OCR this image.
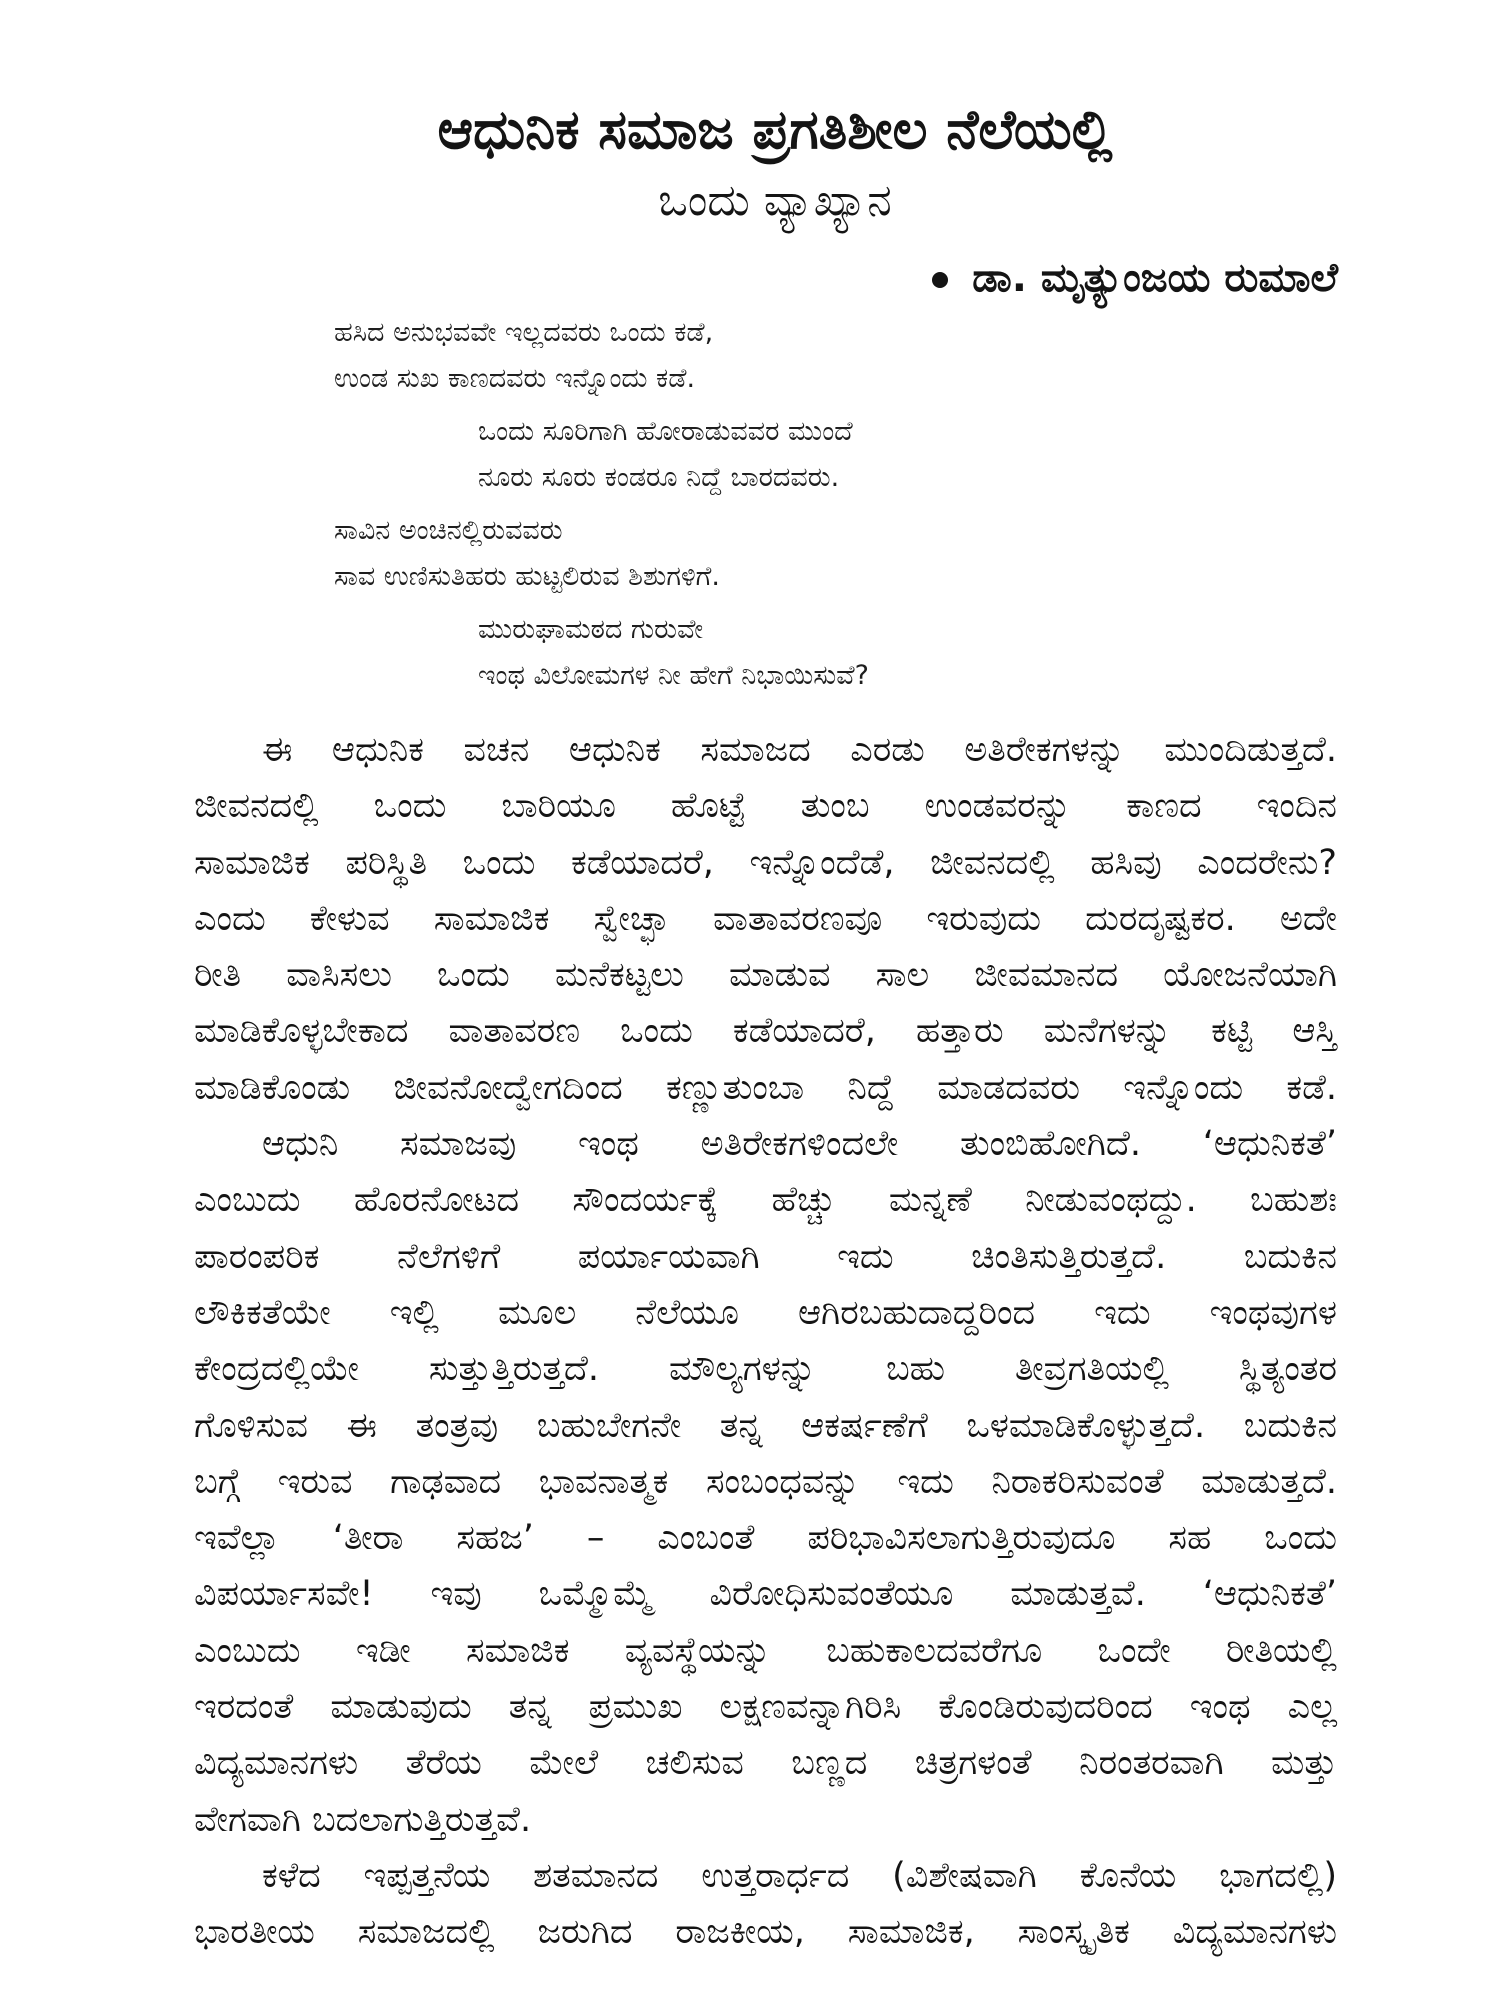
ಆಧುನಿಕ ಸಮಾಜ ಪ್ರಗತಿಶೀಲ ನೆಲೆಯಲ್ಲಿ
ಒಂದು ವ್ಯಾಖ್ಯಾನ
ಡಾ. ಮೃತ್ಯುಂಜಯ ರುಮಾಲೆ
ಹಸಿದ ಅನುಭವವೇ ಇಲ್ಲದವರು ಒಂದು ಕಡೆ,
ಉಂಡ ಸುಖ ಕಾಣದವರು ಇನ್ನೊಂದು ಕಡೆ.
ಒಂದು ಸೂರಿಗಾಗಿ ಹೋರಾಡುವವರ ಮುಂದೆ
ನೂರು ಸೂರು ಕಂಡರೂ ನಿದ್ದೆ ಬಾರದವರು.
ಸಾವಿನ ಅಂಚಿನಲ್ಲಿರುವವರು
ಸಾವ ಉಣಿಸುತಿಹರು ಹುಟ್ಟಲಿರುವ ಶಿಶುಗಳಿಗೆ.
ಮುರುಘಾಮಠದ ಗುರುವೇ
ಇಂಥ ವಿಲೋಮಗಳ ನೀ ಹೇಗೆ ನಿಭಾಯಿಸುವೆ?
ಈ ಆಧುನಿಕ ವಚನ ಆಧುನಿಕ ಸಮಾಜದ ಎರಡು ಅತಿರೇಕಗಳನ್ನು ಮುಂದಿಡುತ್ತದೆ.
ಜೀವನದಲ್ಲಿ ಒಂದು ಬಾರಿಯೂ ಹೊಟ್ಟೆ ತುಂಬ ಉಂಡವರನ್ನು ಕಾಣದ ಇಂದಿನ
ಸಾಮಾಜಿಕ ಪರಿಸ್ಥಿತಿ ಒಂದು ಕಡೆಯಾದರೆ, ಇನ್ನೊಂದೆಡೆ, ಜೀವನದಲ್ಲಿ ಹಸಿವು ಎಂದರೇನು?
ಎಂದು ಕೇಳುವ ಸಾಮಾಜಿಕ ಸ್ವೇಚ್ಛಾ ವಾತಾವರಣವೂ ಇರುವುದು ದುರದೃಷ್ಟಕರ. ಅದೇ
ರೀತಿ ವಾಸಿಸಲು ಒಂದು ಮನೆಕಟ್ಟಲು ಮಾಡುವ ಸಾಲ ಜೀವಮಾನದ ಯೋಜನೆಯಾಗಿ
ಮಾಡಿಕೊಳ್ಳಬೇಕಾದ ವಾತಾವರಣ ಒಂದು ಕಡೆಯಾದರೆ, ಹತ್ತಾರು ಮನೆಗಳನ್ನು ಕಟ್ಟಿ ಆಸ್ತಿ
ಮಾಡಿಕೊಂಡು ಜೀವನೋದ್ವೇಗದಿಂದ ಕಣ್ಣುತುಂಬಾ ನಿದ್ದೆ ಮಾಡದವರು ಇನ್ನೊಂದು ಕಡೆ.
ಆಧುನಿ ಸಮಾಜವು ಇಂಥ ಅತಿರೇಕಗಳಿಂದಲೇ ತುಂಬಿಹೋಗಿದೆ. ‘ಆಧುನಿಕತೆ’
ಎಂಬುದು ಹೊರನೋಟದ ಸೌಂದರ್ಯಕ್ಕೆ ಹೆಚ್ಚು ಮನ್ನಣೆ ನೀಡುವಂಥದ್ದು. ಬಹುಶಃ
ಪಾರಂಪರಿಕ ನೆಲೆಗಳಿಗೆ ಪರ್ಯಾಯವಾಗಿ ಇದು ಚಿಂತಿಸುತ್ತಿರುತ್ತದೆ. ಬದುಕಿನ
ಲೌಕಿಕತೆಯೇ ಇಲ್ಲಿ ಮೂಲ ನೆಲೆಯೂ ಆಗಿರಬಹುದಾದ್ದರಿಂದ ಇದು ಇಂಥವುಗಳ
ಕೇಂದ್ರದಲ್ಲಿಯೇ ಸುತ್ತುತ್ತಿರುತ್ತದೆ. ಮೌಲ್ಯಗಳನ್ನು ಬಹು ತೀವ್ರಗತಿಯಲ್ಲಿ ಸ್ಥಿತ್ಯಂತರ
ಗೊಳಿಸುವ ಈ ತಂತ್ರವು ಬಹುಬೇಗನೇ ತನ್ನ ಆಕರ್ಷಣೆಗೆ ಒಳಮಾಡಿಕೊಳ್ಳುತ್ತದೆ. ಬದುಕಿನ
ಬಗ್ಗೆ ಇರುವ ಗಾಢವಾದ ಭಾವನಾತ್ಮಕ ಸಂಬಂಧವನ್ನು ಇದು ನಿರಾಕರಿಸುವಂತೆ ಮಾಡುತ್ತದೆ.
ಇವೆಲ್ಲಾ ‘ತೀರಾ ಸಹಜ’ – ಎಂಬಂತೆ ಪರಿಭಾವಿಸಲಾಗುತ್ತಿರುವುದೂ ಸಹ ಒಂದು
ವಿಪರ್ಯಾಸವೇ! ಇವು ಒಮ್ಮೊಮ್ಮೆ ವಿರೋಧಿಸುವಂತೆಯೂ ಮಾಡುತ್ತವೆ. ‘ಆಧುನಿಕತೆ’
ಎಂಬುದು ಇಡೀ ಸಮಾಜಿಕ ವ್ಯವಸ್ಥೆಯನ್ನು ಬಹುಕಾಲದವರೆಗೂ ಒಂದೇ ರೀತಿಯಲ್ಲಿ
ಇರದಂತೆ ಮಾಡುವುದು ತನ್ನ ಪ್ರಮುಖ ಲಕ್ಷಣವನ್ನಾಗಿರಿಸಿ ಕೊಂಡಿರುವುದರಿಂದ ಇಂಥ ಎಲ್ಲ
ವಿದ್ಯಮಾನಗಳು ತೆರೆಯ ಮೇಲೆ ಚಲಿಸುವ ಬಣ್ಣದ ಚಿತ್ರಗಳಂತೆ ನಿರಂತರವಾಗಿ ಮತ್ತು
ವೇಗವಾಗಿ ಬದಲಾಗುತ್ತಿರುತ್ತವೆ.
ಕಳೆದ ಇಪ್ಪತ್ತನೆಯ ಶತಮಾನದ ಉತ್ತರಾರ್ಧದ (ವಿಶೇಷವಾಗಿ ಕೊನೆಯ ಭಾಗದಲ್ಲಿ)
ಭಾರತೀಯ ಸಮಾಜದಲ್ಲಿ ಜರುಗಿದ ರಾಜಕೀಯ, ಸಾಮಾಜಿಕ, ಸಾಂಸ್ಕೃತಿಕ ವಿದ್ಯಮಾನಗಳು
